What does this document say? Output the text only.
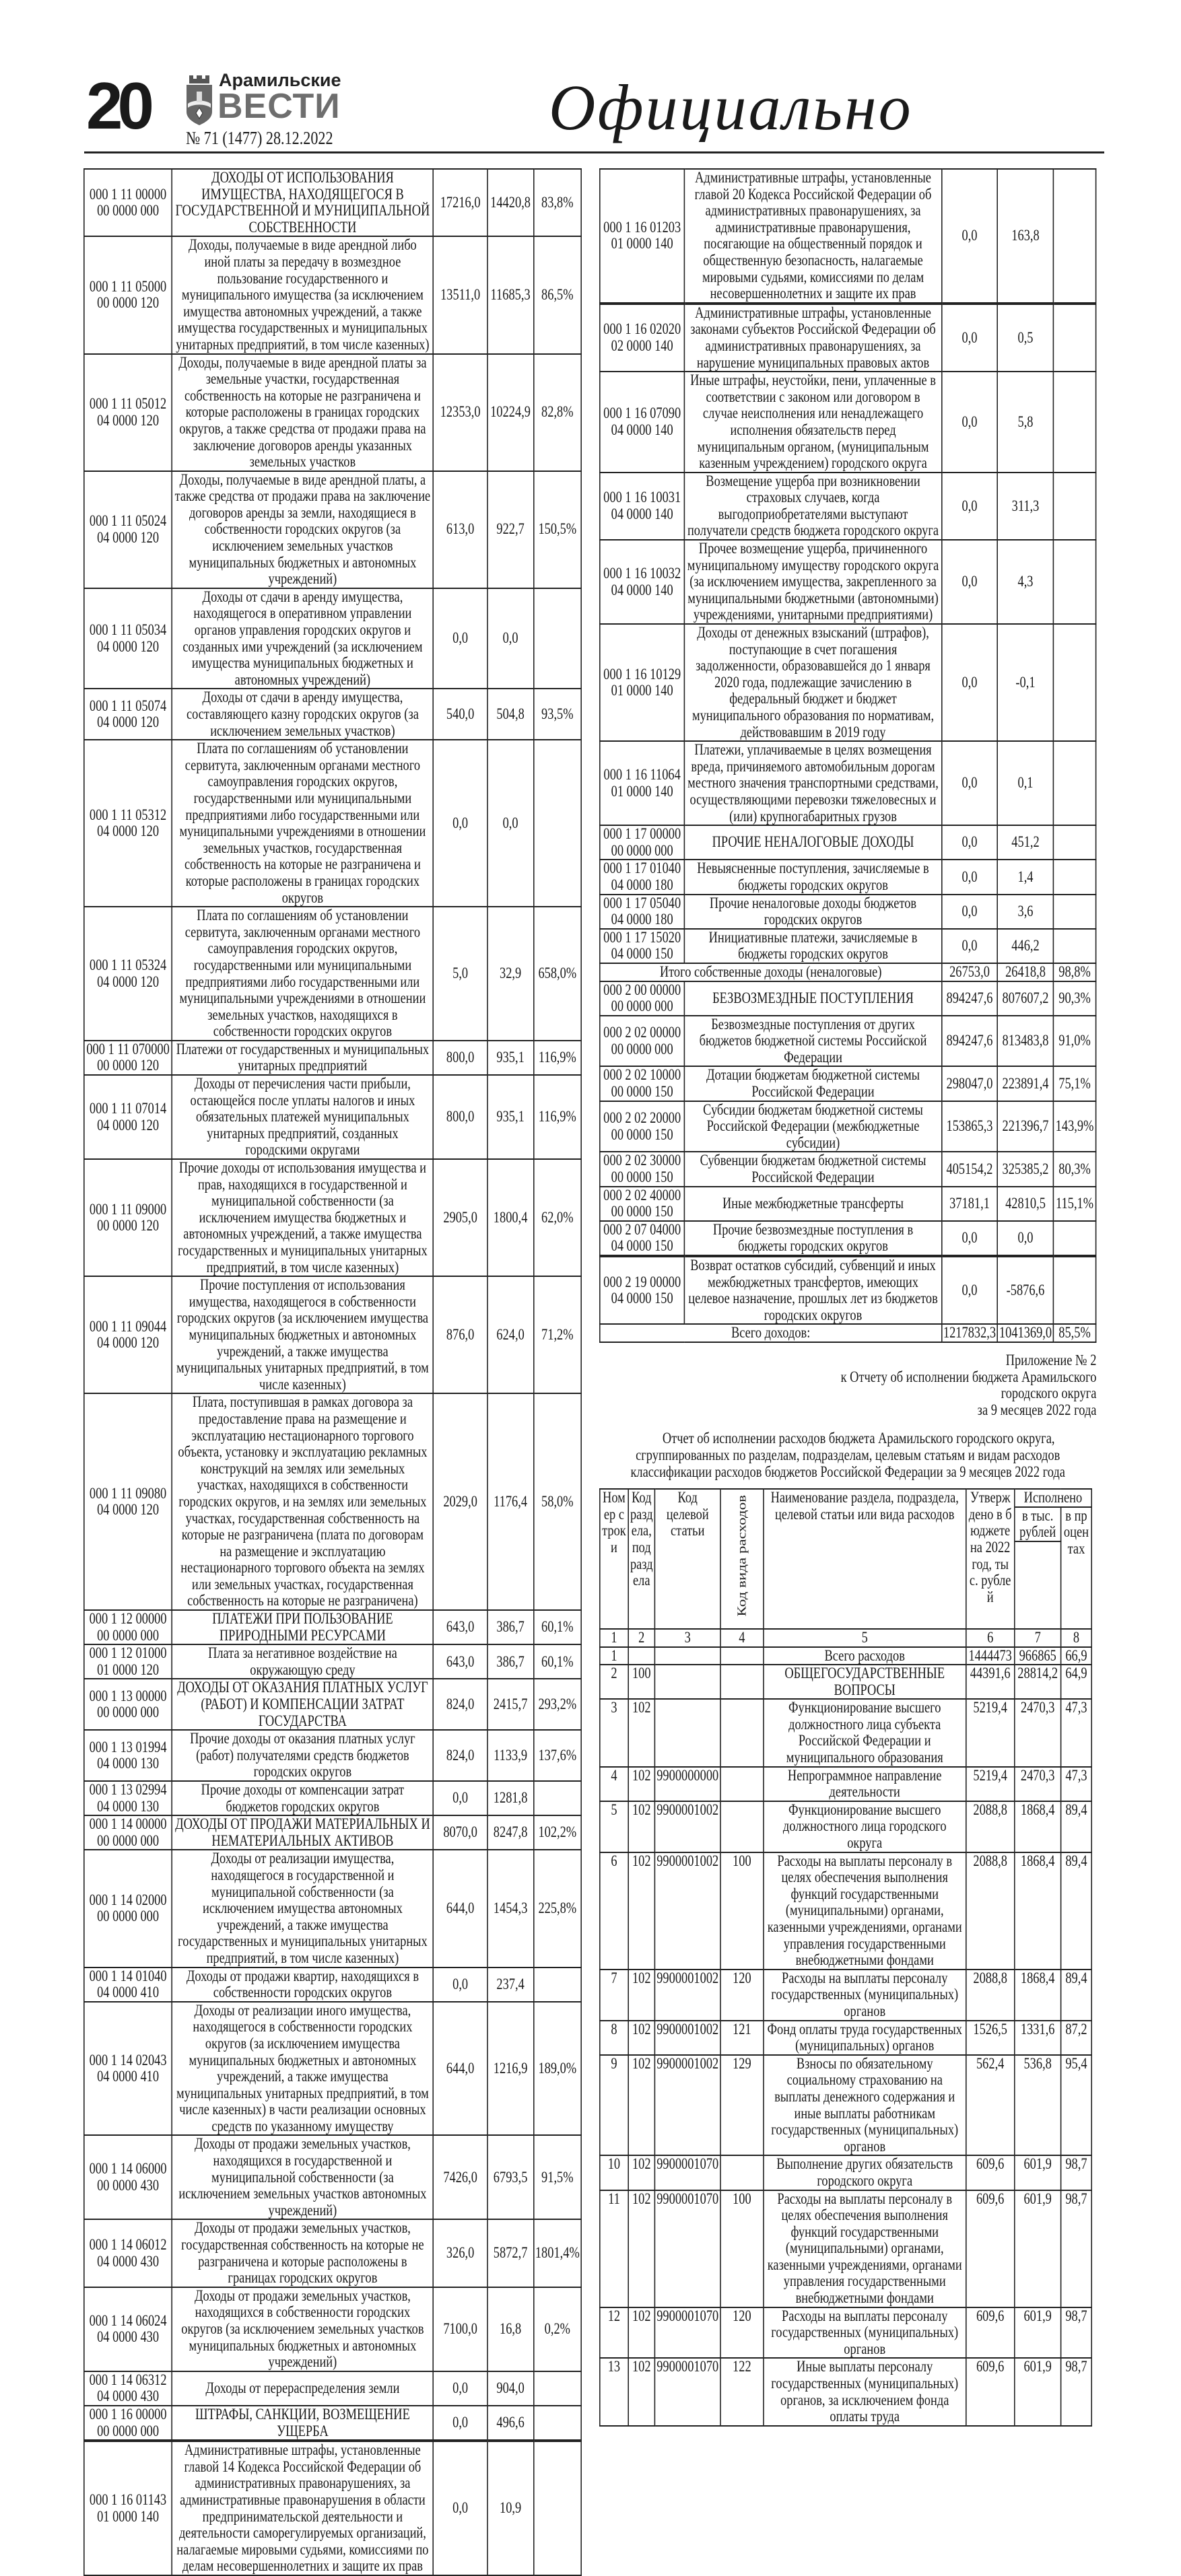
20	Арамильские
ВЕСТИ
№ 71 (1477) 28.12.2022	Официально
000 1 11 00000 00 0000 000	ДОХОДЫ ОТ ИСПОЛЬЗОВАНИЯ ИМУЩЕСТВА, НАХОДЯЩЕГОСЯ В ГОСУДАРСТВЕННОЙ И МУНИЦИПАЛЬНОЙ СОБСТВЕННОСТИ	17216,0	14420,8	83,8%
000 1 11 05000 00 0000 120	Доходы, получаемые в виде арендной либо иной платы за передачу в возмездное пользование государственного и муниципального имущества (за исключением имущества автономных учреждений, а также имущества государственных и муниципальных унитарных предприятий, в том числе казенных)	13511,0	11685,3	86,5%
000 1 11 05012 04 0000 120	Доходы, получаемые в виде арендной платы за земельные участки, государственная собственность на которые не разграничена и которые расположены в границах городских округов, а также средства от продажи права на заключение договоров аренды указанных земельных участков	12353,0	10224,9	82,8%
000 1 11 05024 04 0000 120	Доходы, получаемые в виде арендной платы, а также средства от продажи права на заключение договоров аренды за земли, находящиеся в собственности городских округов (за исключением земельных участков муниципальных бюджетных и автономных учреждений)	613,0	922,7	150,5%
000 1 11 05034 04 0000 120	Доходы от сдачи в аренду имущества, находящегося в оперативном управлении органов управления городских округов и созданных ими учреждений (за исключением имущества муниципальных бюджетных и автономных учреждений)	0,0	0,0	
000 1 11 05074 04 0000 120	Доходы от сдачи в аренду имущества, составляющего казну городских округов (за исключением земельных участков)	540,0	504,8	93,5%
000 1 11 05312 04 0000 120	Плата по соглашениям об установлении сервитута, заключенным органами местного самоуправления городских округов, государственными или муниципальными предприятиями либо государственными или муниципальными учреждениями в отношении земельных участков, государственная собственность на которые не разграничена и которые расположены в границах городских округов	0,0	0,0	
000 1 11 05324 04 0000 120	Плата по соглашениям об установлении сервитута, заключенным органами местного самоуправления городских округов, государственными или муниципальными предприятиями либо государственными или муниципальными учреждениями в отношении земельных участков, находящихся в собственности городских округов	5,0	32,9	658,0%
000 1 11 070000 00 0000 120	Платежи от государственных и муниципальных унитарных предприятий	800,0	935,1	116,9%
000 1 11 07014 04 0000 120	Доходы от перечисления части прибыли, остающейся после уплаты налогов и иных обязательных платежей муниципальных унитарных предприятий, созданных городскими округами	800,0	935,1	116,9%
000 1 11 09000 00 0000 120	Прочие доходы от использования имущества и прав, находящихся в государственной и муниципальной собственности (за исключением имущества бюджетных и автономных учреждений, а также имущества государственных и муниципальных унитарных предприятий, в том числе казенных)	2905,0	1800,4	62,0%
000 1 11 09044 04 0000 120	Прочие поступления от использования имущества, находящегося в собственности городских округов (за исключением имущества муниципальных бюджетных и автономных учреждений, а также имущества муниципальных унитарных предприятий, в том числе казенных)	876,0	624,0	71,2%
000 1 11 09080 04 0000 120	Плата, поступившая в рамках договора за предоставление права на размещение и эксплуатацию нестационарного торгового объекта, установку и эксплуатацию рекламных конструкций на землях или земельных участках, находящихся в собственности городских округов, и на землях или земельных участках, государственная собственность на которые не разграничена (плата по договорам на размещение и эксплуатацию нестационарного торгового объекта на землях или земельных участках, государственная собственность на которые не разграничена)	2029,0	1176,4	58,0%
000 1 12 00000 00 0000 000	ПЛАТЕЖИ ПРИ ПОЛЬЗОВАНИЕ ПРИРОДНЫМИ РЕСУРСАМИ	643,0	386,7	60,1%
000 1 12 01000 01 0000 120	Плата за негативное воздействие на окружающую среду	643,0	386,7	60,1%
000 1 13 00000 00 0000 000	ДОХОДЫ ОТ ОКАЗАНИЯ ПЛАТНЫХ УСЛУГ (РАБОТ) И КОМПЕНСАЦИИ ЗАТРАТ ГОСУДАРСТВА	824,0	2415,7	293,2%
000 1 13 01994 04 0000 130	Прочие доходы от оказания платных услуг (работ) получателями средств бюджетов городских округов	824,0	1133,9	137,6%
000 1 13 02994 04 0000 130	Прочие доходы от компенсации затрат бюджетов городских округов	0,0	1281,8	
000 1 14 00000 00 0000 000	ДОХОДЫ ОТ ПРОДАЖИ МАТЕРИАЛЬНЫХ И НЕМАТЕРИАЛЬНЫХ АКТИВОВ	8070,0	8247,8	102,2%
000 1 14 02000 00 0000 000	Доходы от реализации имущества, находящегося в государственной и муниципальной собственности (за исключением имущества автономных учреждений, а также имущества государственных и муниципальных унитарных предприятий, в том числе казенных)	644,0	1454,3	225,8%
000 1 14 01040 04 0000 410	Доходы от продажи квартир, находящихся в собственности городских округов	0,0	237,4	
000 1 14 02043 04 0000 410	Доходы от реализации иного имущества, находящегося в собственности городских округов (за исключением имущества муниципальных бюджетных и автономных учреждений, а также имущества муниципальных унитарных предприятий, в том числе казенных) в части реализации основных средств по указанному имуществу	644,0	1216,9	189,0%
000 1 14 06000 00 0000 430	Доходы от продажи земельных участков, находящихся в государственной и муниципальной собственности (за исключением земельных участков автономных учреждений)	7426,0	6793,5	91,5%
000 1 14 06012 04 0000 430	Доходы от продажи земельных участков, государственная собственность на которые не разграничена и которые расположены в границах городских округов	326,0	5872,7	1801,4%
000 1 14 06024 04 0000 430	Доходы от продажи земельных участков, находящихся в собственности городских округов (за исключением земельных участков муниципальных бюджетных и автономных учреждений)	7100,0	16,8	0,2%
000 1 14 06312 04 0000 430	Доходы от перераспределения земли	0,0	904,0	
000 1 16 00000 00 0000 000	ШТРАФЫ, САНКЦИИ, ВОЗМЕЩЕНИЕ УЩЕРБА	0,0	496,6	
000 1 16 01143 01 0000 140	Административные штрафы, установленные главой 14 Кодекса Российской Федерации об административных правонарушениях, за административные правонарушения в области предпринимательской деятельности и деятельности саморегулируемых организаций, налагаемые мировыми судьями, комиссиями по делам несовершеннолетних и защите их прав	0,0	10,9	
000 1 16 01203 01 0000 140	Административные штрафы, установленные главой 20 Кодекса Российской Федерации об административных правонарушениях, за административные правонарушения, посягающие на общественный порядок и общественную безопасность, налагаемые мировыми судьями, комиссиями по делам несовершеннолетних и защите их прав	0,0	163,8	
000 1 16 02020 02 0000 140	Административные штрафы, установленные законами субъектов Российской Федерации об административных правонарушениях, за нарушение муниципальных правовых актов	0,0	0,5	
000 1 16 07090 04 0000 140	Иные штрафы, неустойки, пени, уплаченные в соответствии с законом или договором в случае неисполнения или ненадлежащего исполнения обязательств перед муниципальным органом, (муниципальным казенным учреждением) городского округа	0,0	5,8	
000 1 16 10031 04 0000 140	Возмещение ущерба при возникновении страховых случаев, когда выгодоприобретателями выступают получатели средств бюджета городского округа	0,0	311,3	
000 1 16 10032 04 0000 140	Прочее возмещение ущерба, причиненного муниципальному имуществу городского округа (за исключением имущества, закрепленного за муниципальными бюджетными (автономными) учреждениями, унитарными предприятиями)	0,0	4,3	
000 1 16 10129 01 0000 140	Доходы от денежных взысканий (штрафов), поступающие в счет погашения задолженности, образовавшейся до 1 января 2020 года, подлежащие зачислению в федеральный бюджет и бюджет муниципального образования по нормативам, действовавшим в 2019 году	0,0	-0,1	
000 1 16 11064 01 0000 140	Платежи, уплачиваемые в целях возмещения вреда, причиняемого автомобильным дорогам местного значения транспортными средствами, осуществляющими перевозки тяжеловесных и (или) крупногабаритных грузов	0,0	0,1	
000 1 17 00000 00 0000 000	ПРОЧИЕ НЕНАЛОГОВЫЕ ДОХОДЫ	0,0	451,2	
000 1 17 01040 04 0000 180	Невыясненные поступления, зачисляемые в бюджеты городских округов	0,0	1,4	
000 1 17 05040 04 0000 180	Прочие неналоговые доходы бюджетов городских округов	0,0	3,6	
000 1 17 15020 04 0000 150	Инициативные платежи, зачисляемые в бюджеты городских округов	0,0	446,2	
Итого собственные доходы (неналоговые)		26753,0	26418,8	98,8%
000 2 00 00000 00 0000 000	БЕЗВОЗМЕЗДНЫЕ ПОСТУПЛЕНИЯ	894247,6	807607,2	90,3%
000 2 02 00000 00 0000 000	Безвозмездные поступления от других бюджетов бюджетной системы Российской Федерации	894247,6	813483,8	91,0%
000 2 02 10000 00 0000 150	Дотации бюджетам бюджетной системы Российской Федерации	298047,0	223891,4	75,1%
000 2 02 20000 00 0000 150	Субсидии бюджетам бюджетной системы Российской Федерации (межбюджетные субсидии)	153865,3	221396,7	143,9%
000 2 02 30000 00 0000 150	Субвенции бюджетам бюджетной системы Российской Федерации	405154,2	325385,2	80,3%
000 2 02 40000 00 0000 150	Иные межбюджетные трансферты	37181,1	42810,5	115,1%
000 2 07 04000 04 0000 150	Прочие безвозмездные поступления в бюджеты городских округов	0,0	0,0	
000 2 19 00000 04 0000 150	Возврат остатков субсидий, субвенций и иных межбюджетных трансфертов, имеющих целевое назначение, прошлых лет из бюджетов городских округов	0,0	-5876,6	
Всего доходов:		1217832,3	1041369,0	85,5%
Приложение № 2
к Отчету об исполнении бюджета Арамильского
городского округа
за 9 месяцев 2022 года
Отчет об исполнении расходов бюджета Арамильского городского округа, сгруппированных по разделам, подразделам, целевым статьям и видам расходов классификации расходов бюджетов Российской Федерации за 9 месяцев 2022 года
Номер строки	Код раздела, подраздела	Код целевой статьи	Код вида расходов	Наименование раздела, подраздела, целевой статьи или вида расходов	Утверждено в бюджете на 2022 год, тыс. рублей	Исполнено	
						в тыс. рублей	в процентах

1	2	3	4	5	6	7	8
1				Всего расходов	1444473	966865	66,9
2	100			ОБЩЕГОСУДАРСТВЕННЫЕ ВОПРОСЫ	44391,6	28814,2	64,9
3	102			Функционирование высшего должностного лица субъекта Российской Федерации и муниципального образования	5219,4	2470,3	47,3
4	102	9900000000		Непрограммное направление деятельности	5219,4	2470,3	47,3
5	102	9900001002		Функционирование высшего должностного лица городского округа	2088,8	1868,4	89,4
6	102	9900001002	100	Расходы на выплаты персоналу в целях обеспечения выполнения функций государственными (муниципальными) органами, казенными учреждениями, органами управления государственными внебюджетными фондами	2088,8	1868,4	89,4
7	102	9900001002	120	Расходы на выплаты персоналу государственных (муниципальных) органов	2088,8	1868,4	89,4
8	102	9900001002	121	Фонд оплаты труда государственных (муниципальных) органов	1526,5	1331,6	87,2
9	102	9900001002	129	Взносы по обязательному социальному страхованию на выплаты денежного содержания и иные выплаты работникам государственных (муниципальных) органов	562,4	536,8	95,4
10	102	9900001070		Выполнение других обязательств городского округа	609,6	601,9	98,7
11	102	9900001070	100	Расходы на выплаты персоналу в целях обеспечения выполнения функций государственными (муниципальными) органами, казенными учреждениями, органами управления государственными внебюджетными фондами	609,6	601,9	98,7
12	102	9900001070	120	Расходы на выплаты персоналу государственных (муниципальных) органов	609,6	601,9	98,7
13	102	9900001070	122	Иные выплаты персоналу государственных (муниципальных) органов, за исключением фонда оплаты труда	609,6	601,9	98,7
